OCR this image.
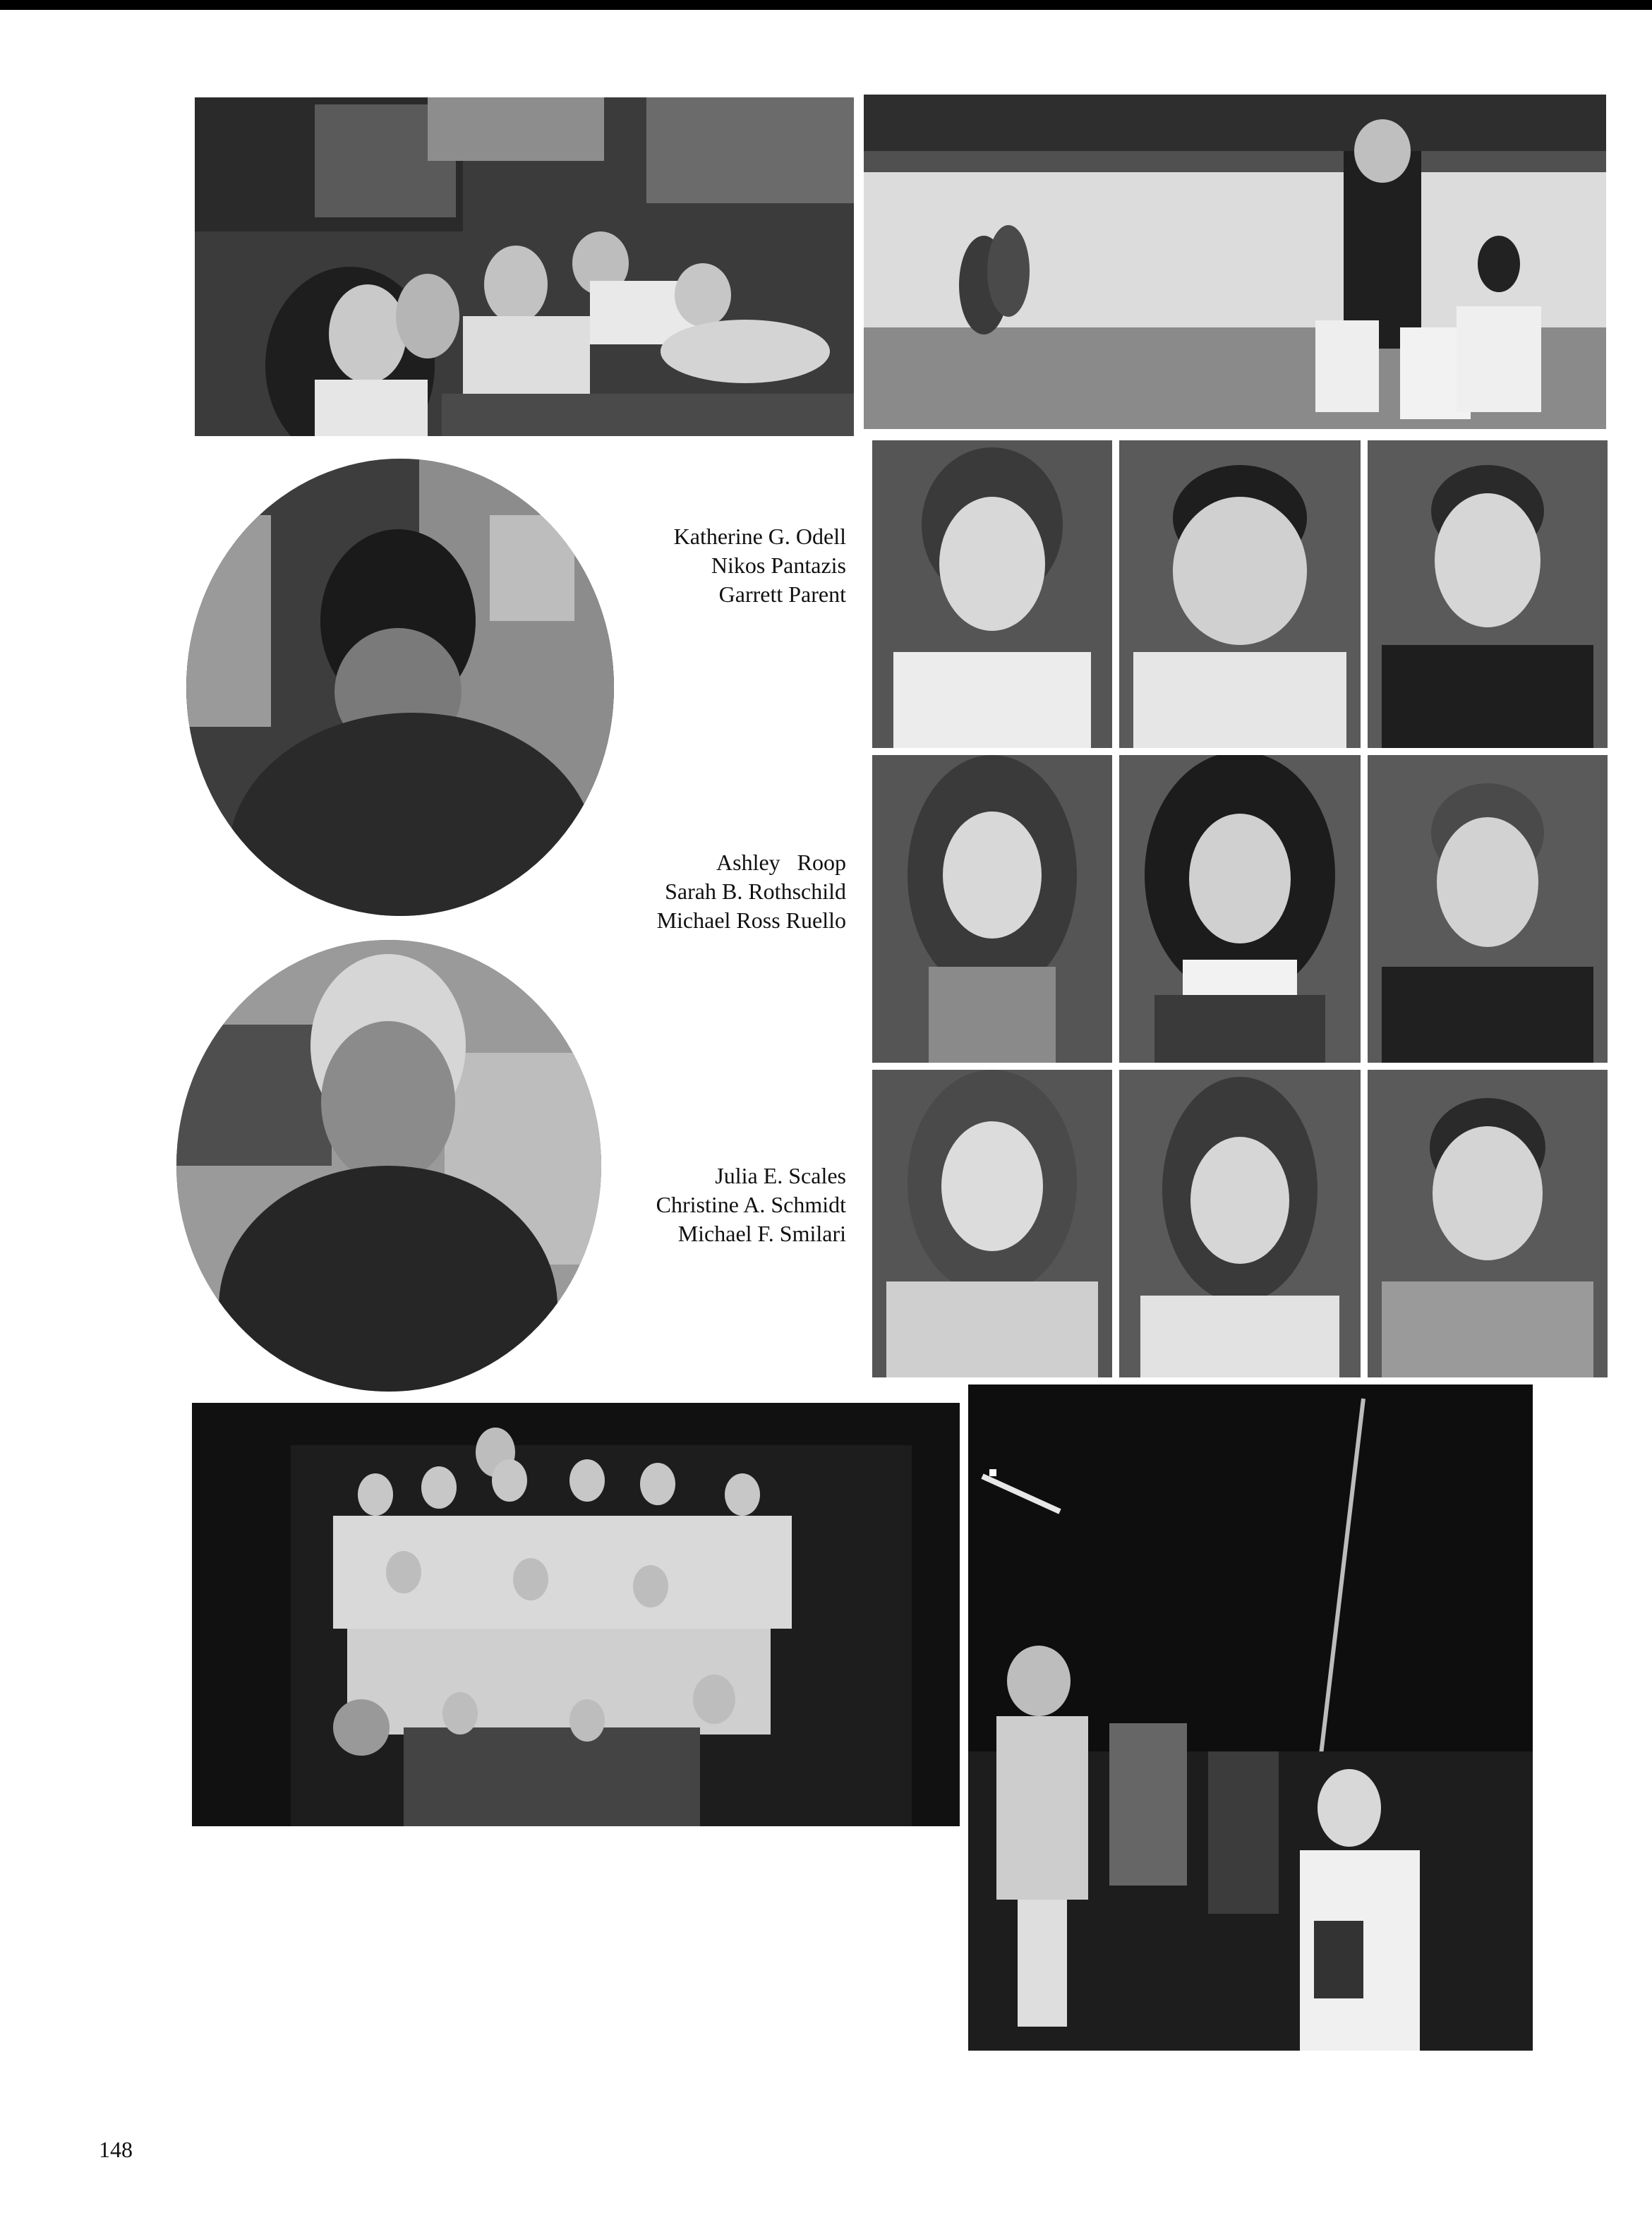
Katherine G. Odell
Nikos Pantazis
Garrett Parent
Ashley   Roop
Sarah B. Rothschild
Michael Ross Ruello
Julia E. Scales
Christine A. Schmidt
Michael F. Smilari
148
